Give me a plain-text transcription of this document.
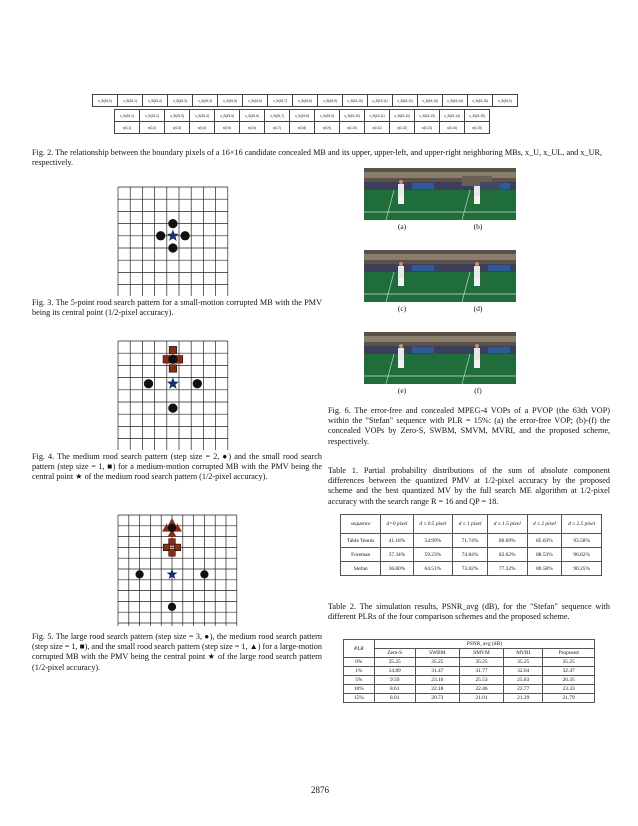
x_B(15,0)	x_B(15,1)	x_B(15,2)	x_B(15,3)	x_B(15,4)	x_B(15,5)	x_B(15,6)	x_B(15,7)	x_B(15,8)	x_B(15,9)	x_B(15,10)	x_B(15,11)	x_B(15,12)	x_B(15,13)	x_B(15,14)	x_B(15,15)	x_B(15,0)
x_B(15,1)	x_B(15,2)	x_B(15,3)	x_B(15,4)	x_B(15,5)	x_B(15,6)	x_B(15,7)	x_B(15,8)	x_B(15,9)	x_B(15,10)	x_B(15,11)	x_B(15,12)	x_B(15,13)	x_B(15,14)	x_B(15,15)
x(0,1)	x(0,2)	x(0,3)	x(0,4)	x(0,5)	x(0,6)	x(0,7)	x(0,8)	x(0,9)	x(0,10)	x(0,11)	x(0,12)	x(0,13)	x(0,14)	x(0,15)
Fig. 2. The relationship between the boundary pixels of a 16×16 candidate concealed MB and its upper, upper-left, and upper-right neighboring MBs, x_U, x_UL, and x_UR, respectively.
Fig. 3. The 5-point rood search pattern for a small-motion corrupted MB with the PMV being its central point (1/2-pixel accuracy).
Fig. 4. The medium rood search pattern (step size = 2, ●) and the small rood search pattern (step size = 1, ■) for a medium-motion corrupted MB with the PMV being the central point ★ of the medium rood search pattern (1/2-pixel accuracy).
Fig. 5. The large rood search pattern (step size = 3, ●), the medium rood search pattern (step size = 1, ■), and the small rood search pattern (step size = 1, ▲) for a large-motion corrupted MB with the PMV being the central point ★ of the large rood search pattern (1/2-pixel accuracy).
(a)	(b)
(c)	(d)
(e)	(f)
Fig. 6. The error-free and concealed MPEG-4 VOPs of a PVOP (the 63th VOP) within the "Stefan" sequence with PLR = 15%: (a) the error-free VOP; (b)-(f) the concealed VOPs by Zero-S, SWBM, SMVM, MVRI, and the proposed scheme, respectively.
Table 1. Partial probability distributions of the sum of absolute component differences between the quantized PMV at 1/2-pixel accuracy by the proposed scheme and the best quantized MV by the full search ME algorithm at 1/2-pixel accuracy with the search range R = 16 and QP = 18.
sequence	d=0 pixel	d ≤ 0.5 pixel	d ≤ 1 pixel	d ≤ 1.5 pixel	d ≤ 2 pixel	d ≤ 2.5 pixel
Table Tennis	41.18%	54.99%	71.74%	80.69%	85.63%	93.58%
Foreman	37.34%	59.23%	74.84%	82.62%	88.53%	96.62%
Stefan	36.80%	64.51%	73.02%	77.32%	80.58%	90.25%
Table 2. The simulation results, PSNR_avg (dB), for the "Stefan" sequence with different PLRs of the four comparison schemes and the proposed scheme.
PLR	PSNR_avg (dB)				
	Zero-S	SWBM	SMVM	MVRI	Proposed
0%	35.25	35.25	35.25	35.25	35.25
1%	14.89	31.47	31.77	32.04	32.47
5%	9.59	23.16	25.53	25.83	26.35
10%	8.61	22.18	22.46	22.77	23.33
15%	8.01	20.73	21.01	21.29	21.79
2876
